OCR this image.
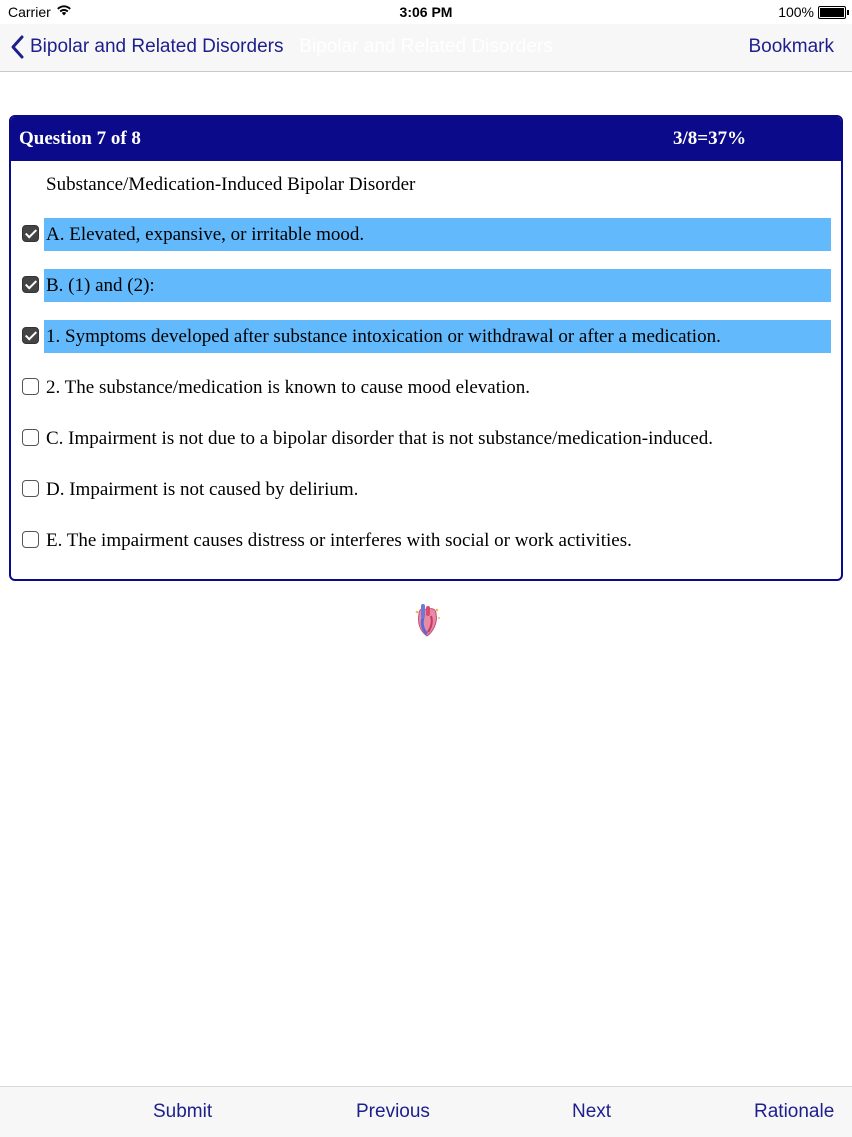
Carrier	3:06 PM	100%
Bipolar and Related Disorders Bipolar and Related Disorders	Bookmark
Question 7 of 8	3/8=37%
Substance/Medication-Induced Bipolar Disorder
A. Elevated, expansive, or irritable mood.
B. (1) and (2):
1. Symptoms developed after substance intoxication or withdrawal or after a medication.
2. The substance/medication is known to cause mood elevation.
C. Impairment is not due to a bipolar disorder that is not substance/medication-induced.
D. Impairment is not caused by delirium.
E. The impairment causes distress or interferes with social or work activities.
Submit	Previous	Next	Rationale
